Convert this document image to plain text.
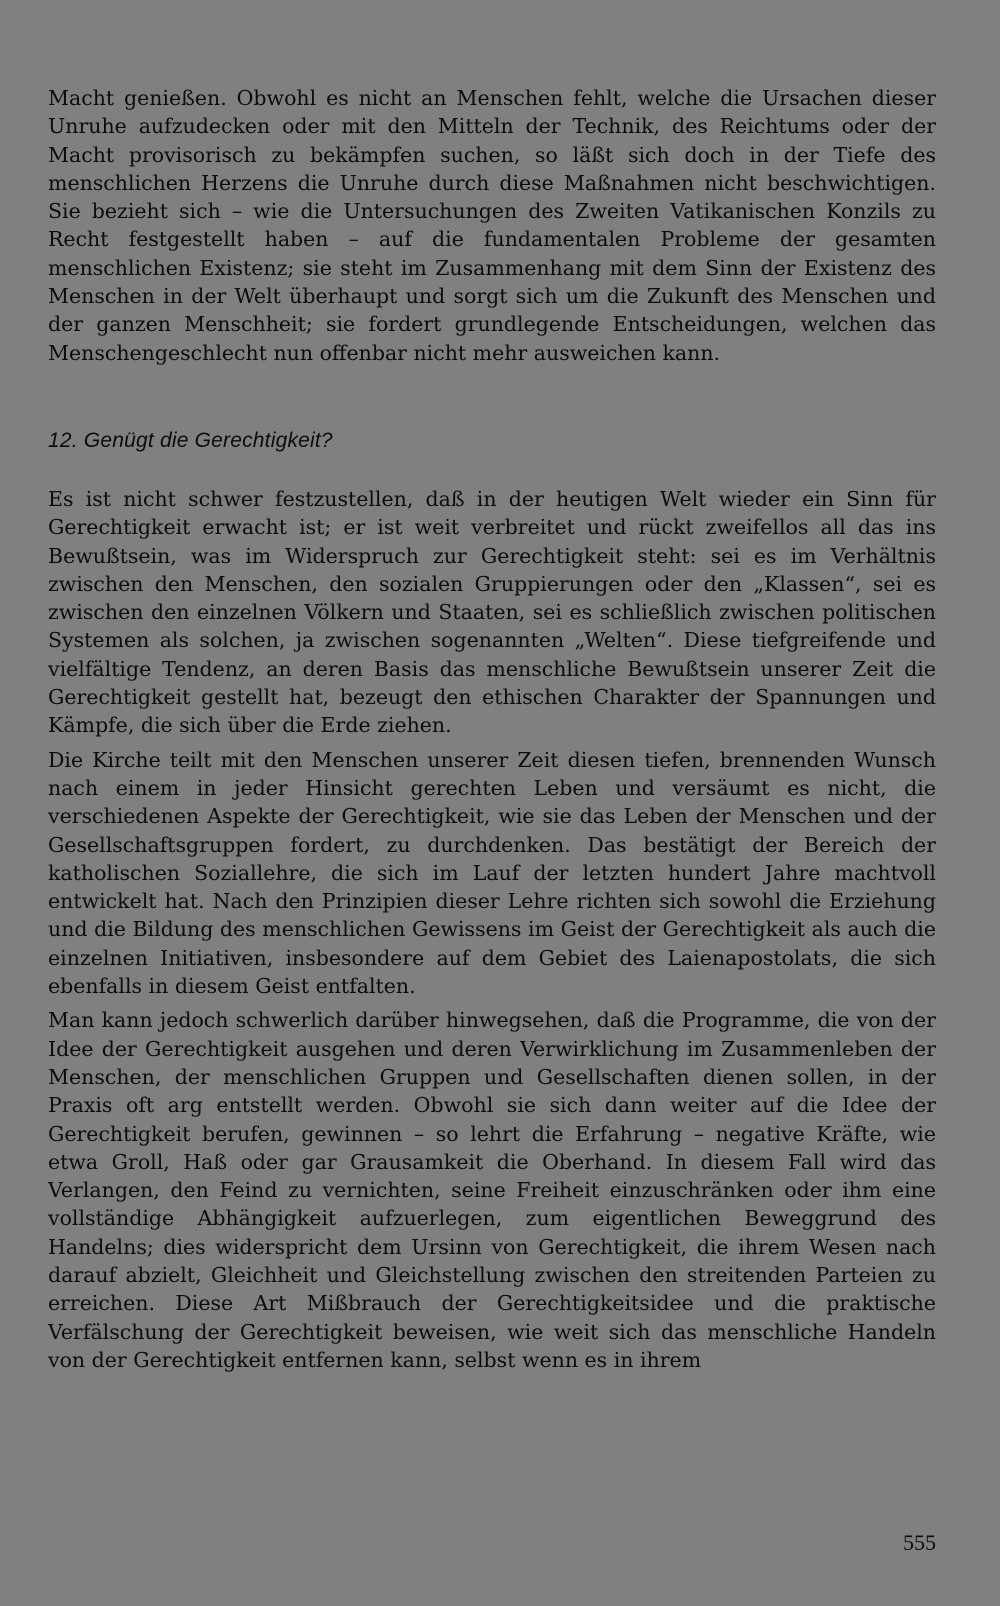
Macht genießen. Obwohl es nicht an Menschen fehlt, welche die Ursachen dieser Unruhe aufzudecken oder mit den Mitteln der Technik, des Reichtums oder der Macht provisorisch zu bekämpfen suchen, so läßt sich doch in der Tiefe des menschlichen Herzens die Unruhe durch diese Maßnahmen nicht beschwichtigen. Sie bezieht sich – wie die Untersuchungen des Zweiten Vatikanischen Konzils zu Recht festgestellt haben – auf die fundamentalen Probleme der gesamten menschlichen Existenz; sie steht im Zusammenhang mit dem Sinn der Existenz des Menschen in der Welt überhaupt und sorgt sich um die Zukunft des Menschen und der ganzen Menschheit; sie fordert grundlegende Entscheidungen, welchen das Menschengeschlecht nun offenbar nicht mehr ausweichen kann.

12. Genügt die Gerechtigkeit?

Es ist nicht schwer festzustellen, daß in der heutigen Welt wieder ein Sinn für Gerechtigkeit erwacht ist; er ist weit verbreitet und rückt zweifellos all das ins Bewußtsein, was im Widerspruch zur Gerechtigkeit steht: sei es im Verhältnis zwischen den Menschen, den sozialen Gruppierungen oder den „Klassen“, sei es zwischen den einzelnen Völkern und Staaten, sei es schließlich zwischen politischen Systemen als solchen, ja zwischen sogenannten „Welten“. Diese tiefgreifende und vielfältige Tendenz, an deren Basis das menschliche Bewußtsein unserer Zeit die Gerechtigkeit gestellt hat, bezeugt den ethischen Charakter der Spannungen und Kämpfe, die sich über die Erde ziehen.

Die Kirche teilt mit den Menschen unserer Zeit diesen tiefen, brennenden Wunsch nach einem in jeder Hinsicht gerechten Leben und versäumt es nicht, die verschiedenen Aspekte der Gerechtigkeit, wie sie das Leben der Menschen und der Gesellschaftsgruppen fordert, zu durchdenken. Das bestätigt der Bereich der katholischen Soziallehre, die sich im Lauf der letzten hundert Jahre machtvoll entwickelt hat. Nach den Prinzipien dieser Lehre richten sich sowohl die Erziehung und die Bildung des menschlichen Gewissens im Geist der Gerechtigkeit als auch die einzelnen Initiativen, insbesondere auf dem Gebiet des Laienapostolats, die sich ebenfalls in diesem Geist entfalten.

Man kann jedoch schwerlich darüber hinwegsehen, daß die Programme, die von der Idee der Gerechtigkeit ausgehen und deren Verwirklichung im Zusammenleben der Menschen, der menschlichen Gruppen und Gesellschaften dienen sollen, in der Praxis oft arg entstellt werden. Obwohl sie sich dann weiter auf die Idee der Gerechtigkeit berufen, gewinnen – so lehrt die Erfahrung – negative Kräfte, wie etwa Groll, Haß oder gar Grausamkeit die Oberhand. In diesem Fall wird das Verlangen, den Feind zu vernichten, seine Freiheit einzuschränken oder ihm eine vollständige Abhängigkeit aufzuerlegen, zum eigentlichen Beweggrund des Handelns; dies widerspricht dem Ursinn von Gerechtigkeit, die ihrem Wesen nach darauf abzielt, Gleichheit und Gleichstellung zwischen den streitenden Parteien zu erreichen. Diese Art Mißbrauch der Gerechtigkeitsidee und die praktische Verfälschung der Gerechtigkeit beweisen, wie weit sich das menschliche Handeln von der Gerechtigkeit entfernen kann, selbst wenn es in ihrem

555
